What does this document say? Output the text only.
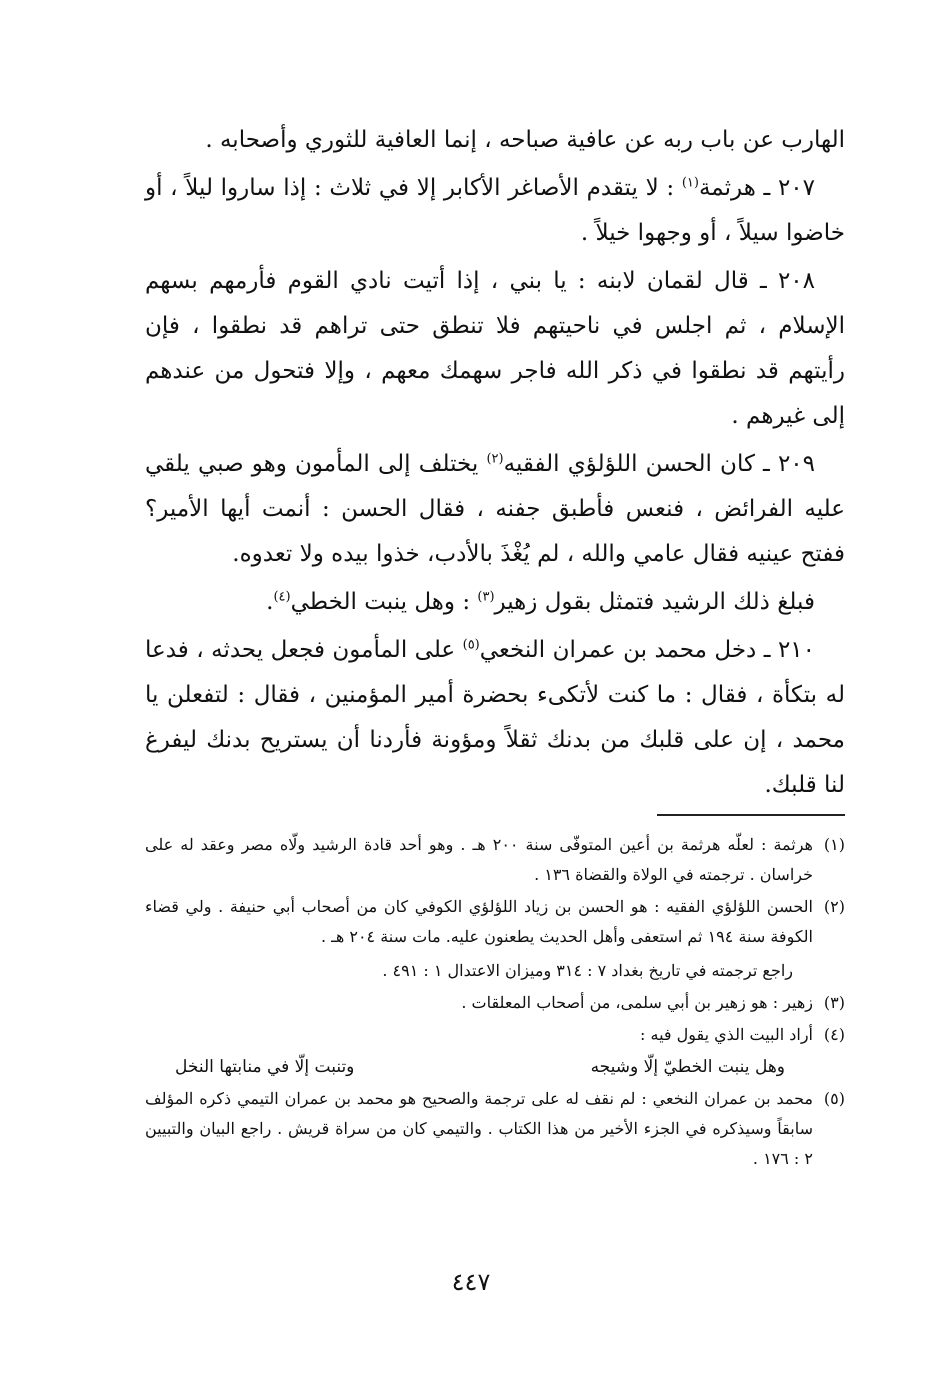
الهارب عن باب ربه عن عافية صباحه ، إنما العافية للثوري وأصحابه .

٢٠٧ ـ هرثمة$^{(١)}$ : لا يتقدم الأصاغر الأكابر إلا في ثلاث : إذا ساروا ليلاً ، أو خاضوا سيلاً ، أو وجهوا خيلاً .

٢٠٨ ـ قال لقمان لابنه : يا بني ، إذا أتيت نادي القوم فأرمهم بسهم الإسلام ، ثم اجلس في ناحيتهم فلا تنطق حتى تراهم قد نطقوا ، فإن رأيتهم قد نطقوا في ذكر الله فاجر سهمك معهم ، وإلا فتحول من عندهم إلى غيرهم .

٢٠٩ ـ كان الحسن اللؤلؤي الفقيه$^{(٢)}$ يختلف إلى المأمون وهو صبي يلقي عليه الفرائض ، فنعس فأطبق جفنه ، فقال الحسن : أنمت أيها الأمير؟ ففتح عينيه فقال عامي والله ، لم يُغْذَ بالأدب، خذوا بيده ولا تعدوه.

فبلغ ذلك الرشيد فتمثل بقول زهير$^{(٣)}$ : وهل ينبت الخطي$^{(٤)}$.

٢١٠ ـ دخل محمد بن عمران النخعي$^{(٥)}$ على المأمون فجعل يحدثه ، فدعا له بتكأة ، فقال : ما كنت لأتكىء بحضرة أمير المؤمنين ، فقال : لتفعلن يا محمد ، إن على قلبك من بدنك ثقلاً ومؤونة فأردنا أن يستريح بدنك ليفرغ لنا قلبك.

(١)
هرثمة : لعلّه هرثمة بن أعين المتوفّى سنة ٢٠٠ هـ . وهو أحد قادة الرشيد ولّاه مصر وعقد له على خراسان . ترجمته في الولاة والقضاة ١٣٦ .
(٢)
الحسن اللؤلؤي الفقيه : هو الحسن بن زياد اللؤلؤي الكوفي كان من أصحاب أبي حنيفة . ولي قضاء الكوفة سنة ١٩٤ ثم استعفى وأهل الحديث يطعنون عليه. مات سنة ٢٠٤ هـ .
راجع ترجمته في تاريخ بغداد ٧ : ٣١٤ وميزان الاعتدال ١ : ٤٩١ .
(٣)
زهير : هو زهير بن أبي سلمى، من أصحاب المعلقات .
(٤)
أراد البيت الذي يقول فيه :
وهل ينبت الخطيّ إلّا وشيجه
وتنبت إلّا في منابتها النخل
(٥)
محمد بن عمران النخعي : لم نقف له على ترجمة والصحيح هو محمد بن عمران التيمي ذكره المؤلف سابقاً وسيذكره في الجزء الأخير من هذا الكتاب . والتيمي كان من سراة قريش . راجع البيان والتبيين ٢ : ١٧٦ .
٤٤٧
